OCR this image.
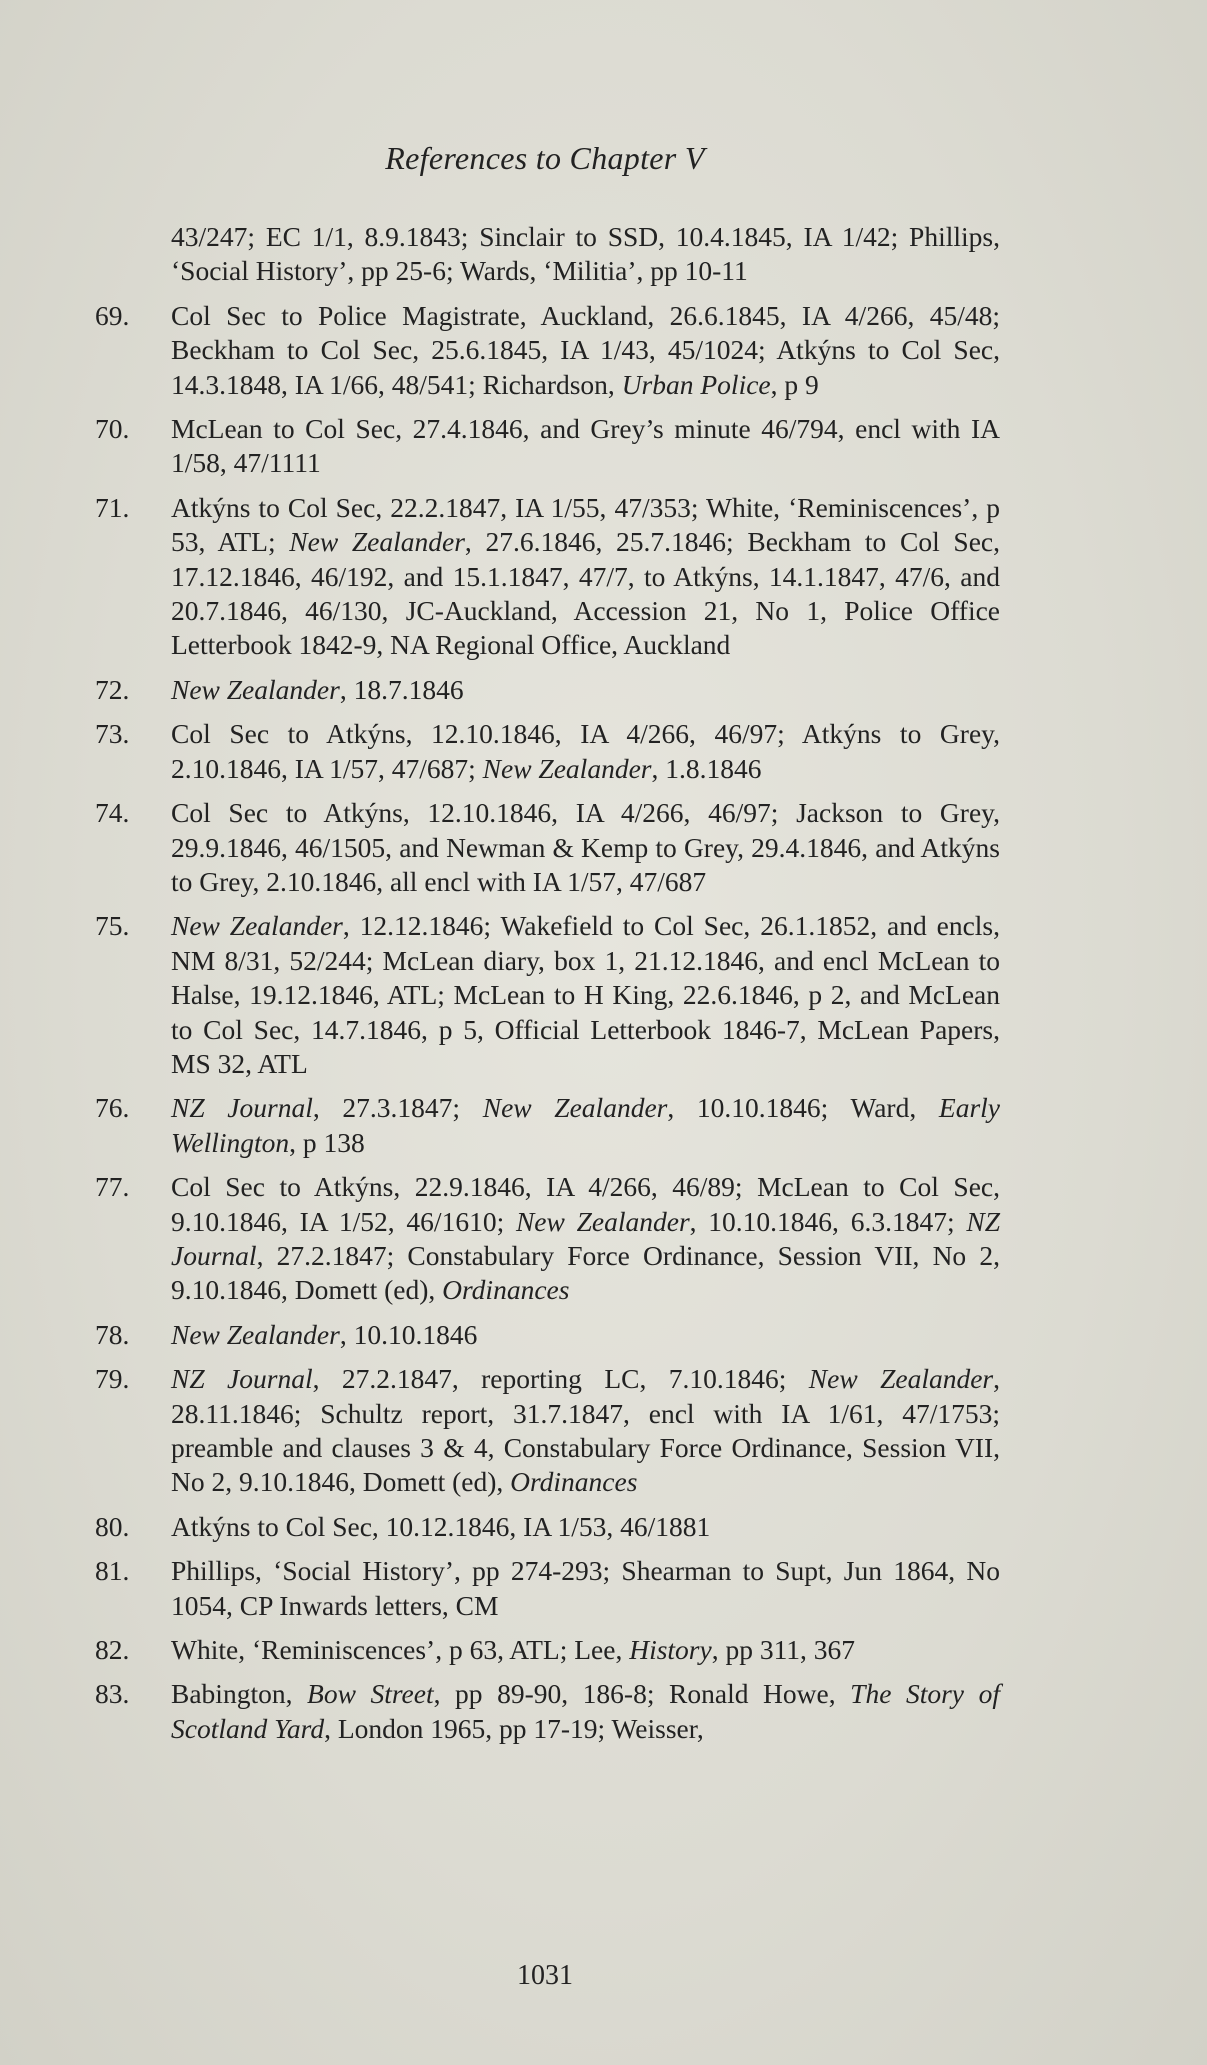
References to Chapter V
43/247; EC 1/1, 8.9.1843; Sinclair to SSD, 10.4.1845, IA 1/42; Phillips, ‘Social History’, pp 25-6; Wards, ‘Militia’, pp 10-11
69.	Col Sec to Police Magistrate, Auckland, 26.6.1845, IA 4/266, 45/48; Beckham to Col Sec, 25.6.1845, IA 1/43, 45/1024; Atkýns to Col Sec, 14.3.1848, IA 1/66, 48/541; Richardson, Urban Police, p 9
70.	McLean to Col Sec, 27.4.1846, and Grey’s minute 46/794, encl with IA 1/58, 47/1111
71.	Atkýns to Col Sec, 22.2.1847, IA 1/55, 47/353; White, ‘Reminiscences’, p 53, ATL; New Zealander, 27.6.1846, 25.7.1846; Beckham to Col Sec, 17.12.1846, 46/192, and 15.1.1847, 47/7, to Atkýns, 14.1.1847, 47/6, and 20.7.1846, 46/130, JC-Auckland, Accession 21, No 1, Police Office Letterbook 1842-9, NA Regional Office, Auckland
72.	New Zealander, 18.7.1846
73.	Col Sec to Atkýns, 12.10.1846, IA 4/266, 46/97; Atkýns to Grey, 2.10.1846, IA 1/57, 47/687; New Zealander, 1.8.1846
74.	Col Sec to Atkýns, 12.10.1846, IA 4/266, 46/97; Jackson to Grey, 29.9.1846, 46/1505, and Newman & Kemp to Grey, 29.4.1846, and Atkýns to Grey, 2.10.1846, all encl with IA 1/57, 47/687
75.	New Zealander, 12.12.1846; Wakefield to Col Sec, 26.1.1852, and encls, NM 8/31, 52/244; McLean diary, box 1, 21.12.1846, and encl McLean to Halse, 19.12.1846, ATL; McLean to H King, 22.6.1846, p 2, and McLean to Col Sec, 14.7.1846, p 5, Official Letterbook 1846-7, McLean Papers, MS 32, ATL
76.	NZ Journal, 27.3.1847; New Zealander, 10.10.1846; Ward, Early Wellington, p 138
77.	Col Sec to Atkýns, 22.9.1846, IA 4/266, 46/89; McLean to Col Sec, 9.10.1846, IA 1/52, 46/1610; New Zealander, 10.10.1846, 6.3.1847; NZ Journal, 27.2.1847; Constabulary Force Ordinance, Session VII, No 2, 9.10.1846, Domett (ed), Ordinances
78.	New Zealander, 10.10.1846
79.	NZ Journal, 27.2.1847, reporting LC, 7.10.1846; New Zealander, 28.11.1846; Schultz report, 31.7.1847, encl with IA 1/61, 47/1753; preamble and clauses 3 & 4, Constabulary Force Ordinance, Session VII, No 2, 9.10.1846, Domett (ed), Ordinances
80.	Atkýns to Col Sec, 10.12.1846, IA 1/53, 46/1881
81.	Phillips, ‘Social History’, pp 274-293; Shearman to Supt, Jun 1864, No 1054, CP Inwards letters, CM
82.	White, ‘Reminiscences’, p 63, ATL; Lee, History, pp 311, 367
83.	Babington, Bow Street, pp 89-90, 186-8; Ronald Howe, The Story of Scotland Yard, London 1965, pp 17-19; Weisser,
1031
